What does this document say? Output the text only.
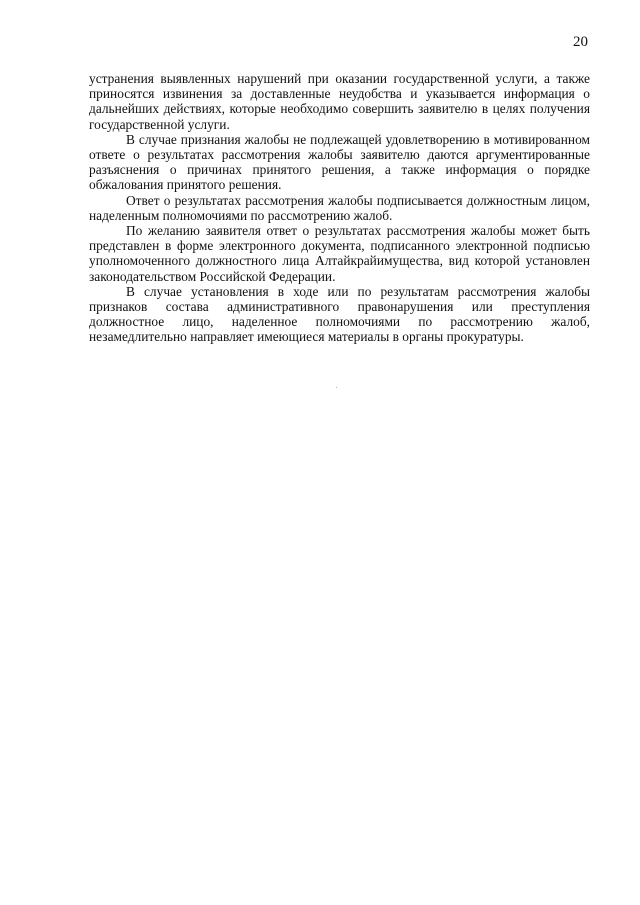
20

устранения выявленных нарушений при оказании государственной услуги, а также приносятся извинения за доставленные неудобства и указывается информация о дальнейших действиях, которые необходимо совершить заявителю в целях получения государственной услуги.

В случае признания жалобы не подлежащей удовлетворению в мотивированном ответе о результатах рассмотрения жалобы заявителю даются аргументированные разъяснения о причинах принятого решения, а также информация о порядке обжалования принятого решения.

Ответ о результатах рассмотрения жалобы подписывается должностным лицом, наделенным полномочиями по рассмотрению жалоб.

По желанию заявителя ответ о результатах рассмотрения жалобы может быть представлен в форме электронного документа, подписанного электронной подписью уполномоченного должностного лица Алтайкрайимущества, вид которой установлен законодательством Российской Федерации.

В случае установления в ходе или по результатам рассмотрения жалобы признаков состава административного правонарушения или преступления должностное лицо, наделенное полномочиями по рассмотрению жалоб, незамедлительно направляет имеющиеся материалы в органы прокуратуры.
